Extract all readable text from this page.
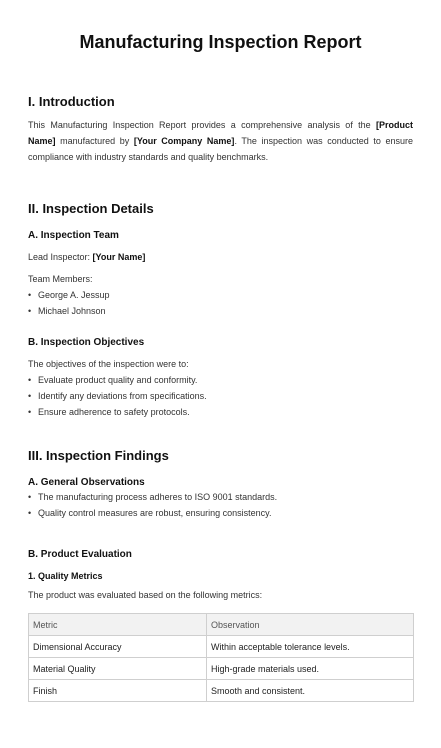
Manufacturing Inspection Report
I. Introduction

This Manufacturing Inspection Report provides a comprehensive analysis of the [Product Name] manufactured by [Your Company Name]. The inspection was conducted to ensure compliance with industry standards and quality benchmarks.

II. Inspection Details
A. Inspection Team

Lead Inspector: [Your Name]

Team Members:

• George A. Jessup
• Michael Johnson
B. Inspection Objectives

The objectives of the inspection were to:

• Evaluate product quality and conformity.
• Identify any deviations from specifications.
• Ensure adherence to safety protocols.
III. Inspection Findings
A. General Observations
• The manufacturing process adheres to ISO 9001 standards.
• Quality control measures are robust, ensuring consistency.
B. Product Evaluation
1. Quality Metrics

The product was evaluated based on the following metrics:

Metric	Observation
Dimensional Accuracy	Within acceptable tolerance levels.
Material Quality	High-grade materials used.
Finish	Smooth and consistent.
